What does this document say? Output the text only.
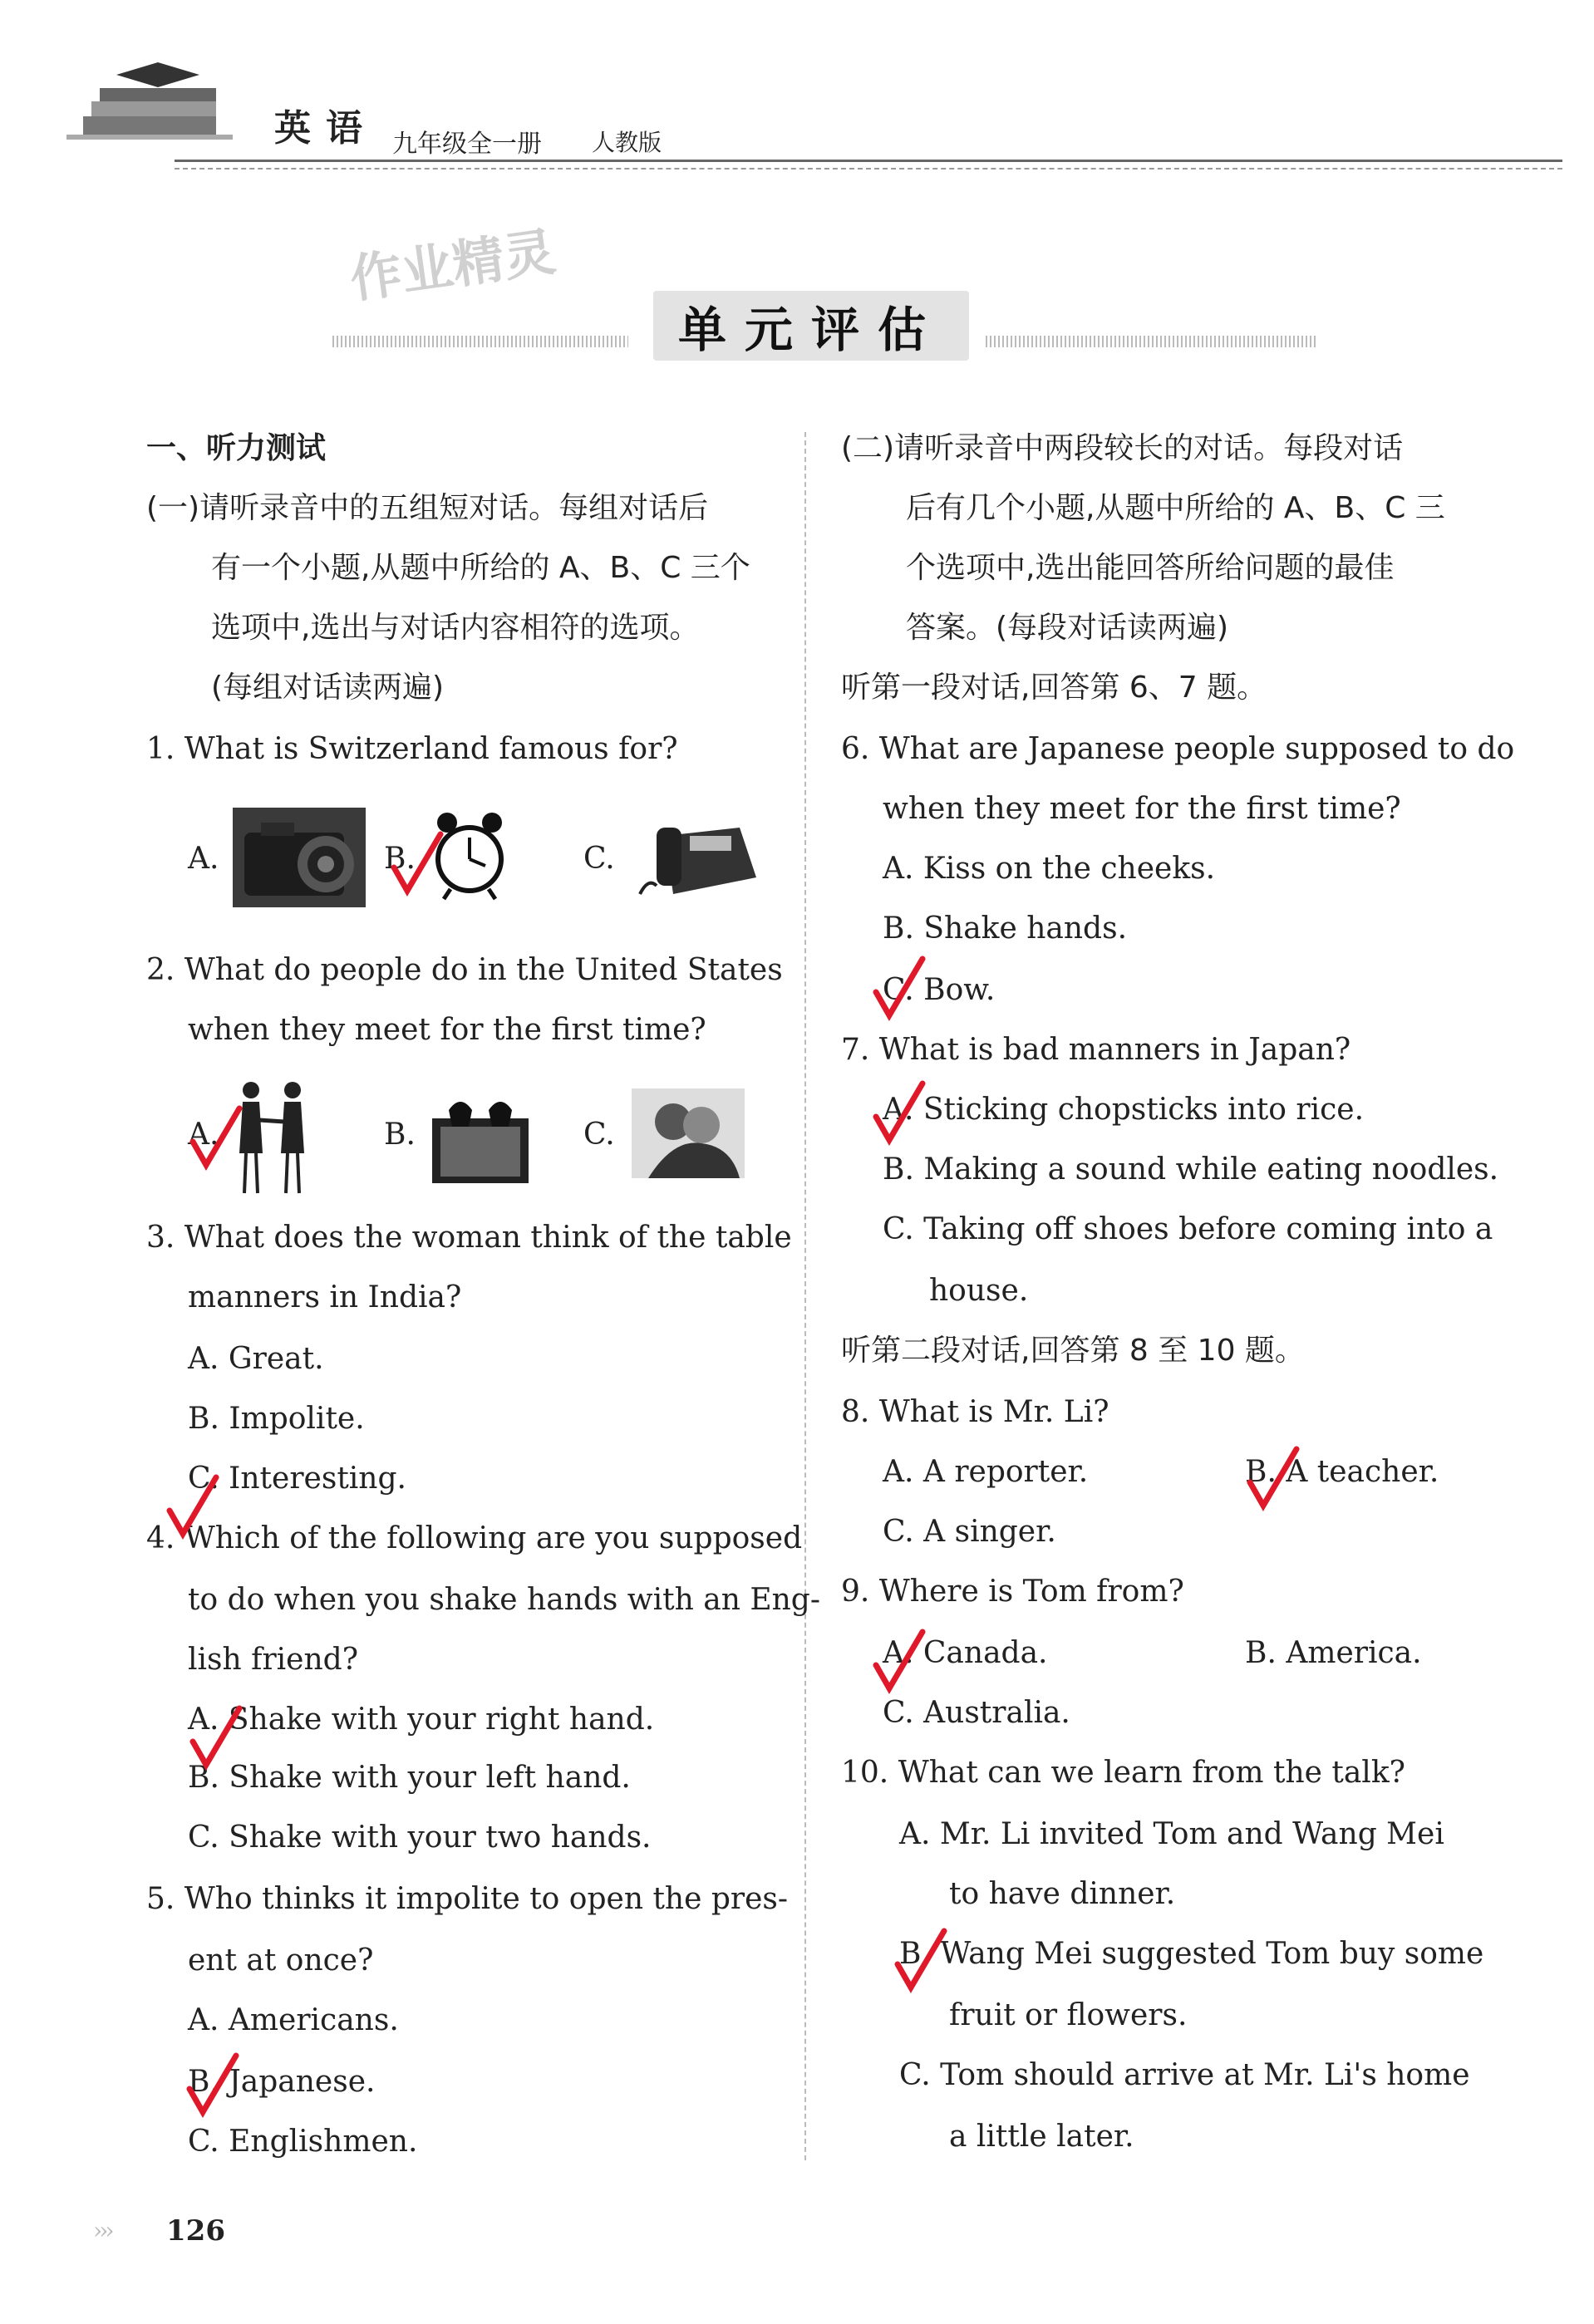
英语 九年级全一册 人教版
作业精灵
单元评估
一、听力测试
(一)请听录音中的五组短对话。每组对话后
有一个小题,从题中所给的 A、B、C 三个
选项中,选出与对话内容相符的选项。
(每组对话读两遍)
1. What is Switzerland famous for?
A.	B.	C.
2. What do people do in the United States
when they meet for the first time?
A.	B.	C.
3. What does the woman think of the table
manners in India?
A. Great.
B. Impolite.
C. Interesting.
4. Which of the following are you supposed
to do when you shake hands with an Eng-
lish friend?
A. Shake with your right hand.
B. Shake with your left hand.
C. Shake with your two hands.
5. Who thinks it impolite to open the pres-
ent at once?
A. Americans.
B. Japanese.
C. Englishmen.
(二)请听录音中两段较长的对话。每段对话
后有几个小题,从题中所给的 A、B、C 三
个选项中,选出能回答所给问题的最佳
答案。(每段对话读两遍)
听第一段对话,回答第 6、7 题。
6. What are Japanese people supposed to do
when they meet for the first time?
A. Kiss on the cheeks.
B. Shake hands.
C. Bow.
7. What is bad manners in Japan?
A. Sticking chopsticks into rice.
B. Making a sound while eating noodles.
C. Taking off shoes before coming into a
house.
听第二段对话,回答第 8 至 10 题。
8. What is Mr. Li?
A. A reporter.	B. A teacher.
C. A singer.
9. Where is Tom from?
A. Canada.	B. America.
C. Australia.
10. What can we learn from the talk?
A. Mr. Li invited Tom and Wang Mei
to have dinner.
B. Wang Mei suggested Tom buy some
fruit or flowers.
C. Tom should arrive at Mr. Li's home
a little later.
››› 126
